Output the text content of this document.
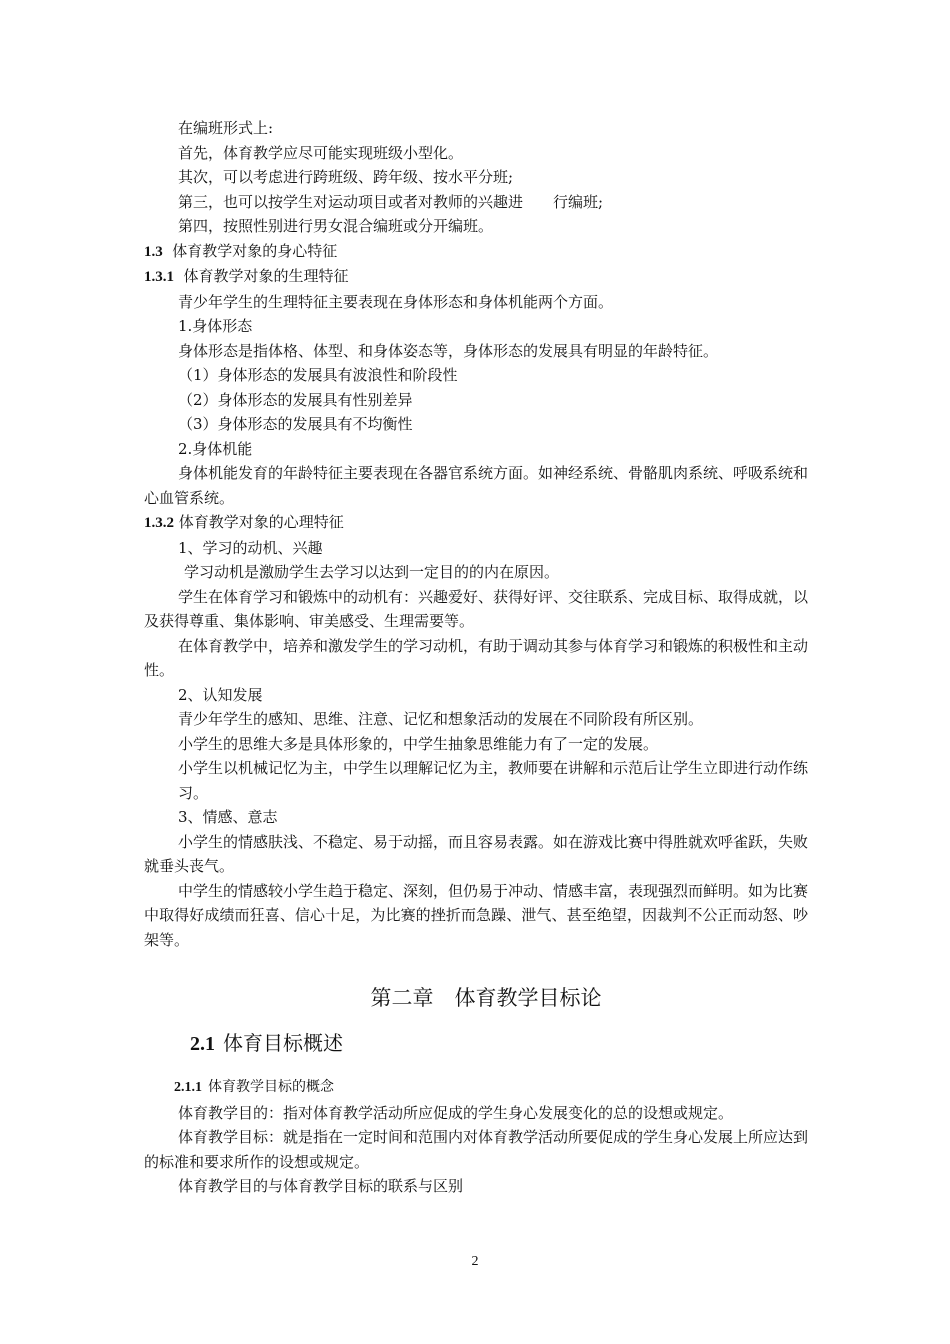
在编班形式上:

首先，体育教学应尽可能实现班级小型化。

其次，可以考虑进行跨班级、跨年级、按水平分班;

第三，也可以按学生对运动项目或者对教师的兴趣进　　行编班;

第四，按照性别进行男女混合编班或分开编班。

1.3 体育教学对象的身心特征

1.3.1 体育教学对象的生理特征

青少年学生的生理特征主要表现在身体形态和身体机能两个方面。

1.身体形态

身体形态是指体格、体型、和身体姿态等，身体形态的发展具有明显的年龄特征。

（1）身体形态的发展具有波浪性和阶段性

（2）身体形态的发展具有性别差异

（3）身体形态的发展具有不均衡性

2.身体机能

身体机能发育的年龄特征主要表现在各器官系统方面。如神经系统、骨骼肌肉系统、呼吸系统和心血管系统。

1.3.2 体育教学对象的心理特征

1、学习的动机、兴趣

学习动机是激励学生去学习以达到一定目的的内在原因。

学生在体育学习和锻炼中的动机有：兴趣爱好、获得好评、交往联系、完成目标、取得成就，以及获得尊重、集体影响、审美感受、生理需要等。

在体育教学中，培养和激发学生的学习动机，有助于调动其参与体育学习和锻炼的积极性和主动性。

2、认知发展

青少年学生的感知、思维、注意、记忆和想象活动的发展在不同阶段有所区别。

小学生的思维大多是具体形象的，中学生抽象思维能力有了一定的发展。

小学生以机械记忆为主，中学生以理解记忆为主，教师要在讲解和示范后让学生立即进行动作练习。

3、情感、意志

小学生的情感肤浅、不稳定、易于动摇，而且容易表露。如在游戏比赛中得胜就欢呼雀跃，失败就垂头丧气。

中学生的情感较小学生趋于稳定、深刻，但仍易于冲动、情感丰富，表现强烈而鲜明。如为比赛中取得好成绩而狂喜、信心十足，为比赛的挫折而急躁、泄气、甚至绝望，因裁判不公正而动怒、吵架等。

第二章　体育教学目标论

2.1 体育目标概述

2.1.1 体育教学目标的概念

体育教学目的：指对体育教学活动所应促成的学生身心发展变化的总的设想或规定。

体育教学目标：就是指在一定时间和范围内对体育教学活动所要促成的学生身心发展上所应达到的标准和要求所作的设想或规定。

体育教学目的与体育教学目标的联系与区别

2
